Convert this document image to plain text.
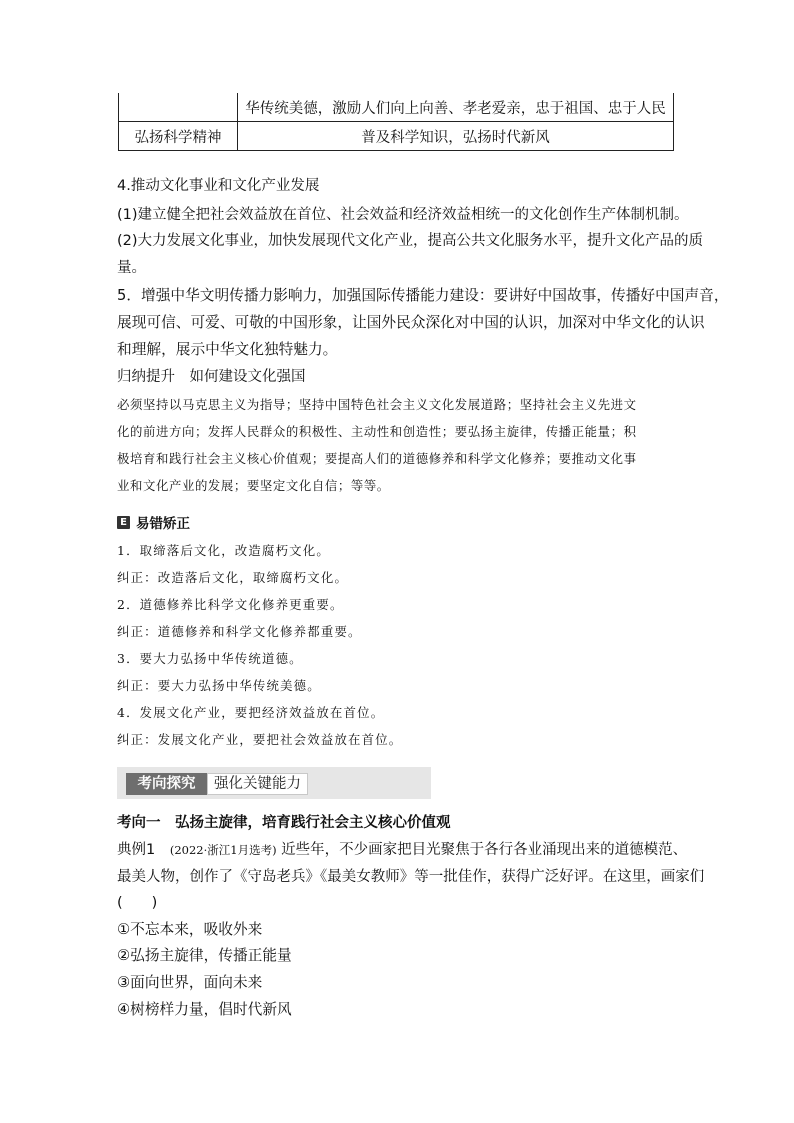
	华传统美德，激励人们向上向善、孝老爱亲，忠于祖国、忠于人民
弘扬科学精神	普及科学知识，弘扬时代新风
4.推动文化事业和文化产业发展
(1)建立健全把社会效益放在首位、社会效益和经济效益相统一的文化创作生产体制机制。
(2)大力发展文化事业，加快发展现代文化产业，提高公共文化服务水平，提升文化产品的质
量。
5．增强中华文明传播力影响力，加强国际传播能力建设：要讲好中国故事，传播好中国声音，
展现可信、可爱、可敬的中国形象，让国外民众深化对中国的认识，加深对中华文化的认识
和理解，展示中华文化独特魅力。
归纳提升　如何建设文化强国
必须坚持以马克思主义为指导；坚持中国特色社会主义文化发展道路；坚持社会主义先进文
化的前进方向；发挥人民群众的积极性、主动性和创造性；要弘扬主旋律，传播正能量；积
极培育和践行社会主义核心价值观；要提高人们的道德修养和科学文化修养；要推动文化事
业和文化产业的发展；要坚定文化自信；等等。
E 易错矫正
1．取缔落后文化，改造腐朽文化。
纠正：改造落后文化，取缔腐朽文化。
2．道德修养比科学文化修养更重要。
纠正：道德修养和科学文化修养都重要。
3．要大力弘扬中华传统道德。
纠正：要大力弘扬中华传统美德。
4．发展文化产业，要把经济效益放在首位。
纠正：发展文化产业，要把社会效益放在首位。
考向探究	强化关键能力
考向一　弘扬主旋律，培育践行社会主义核心价值观
典例1 (2022·浙江1月选考) 近些年，不少画家把目光聚焦于各行各业涌现出来的道德模范、
最美人物，创作了《守岛老兵》《最美女教师》等一批佳作，获得广泛好评。在这里，画家们
(　　)
①不忘本来，吸收外来
②弘扬主旋律，传播正能量
③面向世界，面向未来
④树榜样力量，倡时代新风
